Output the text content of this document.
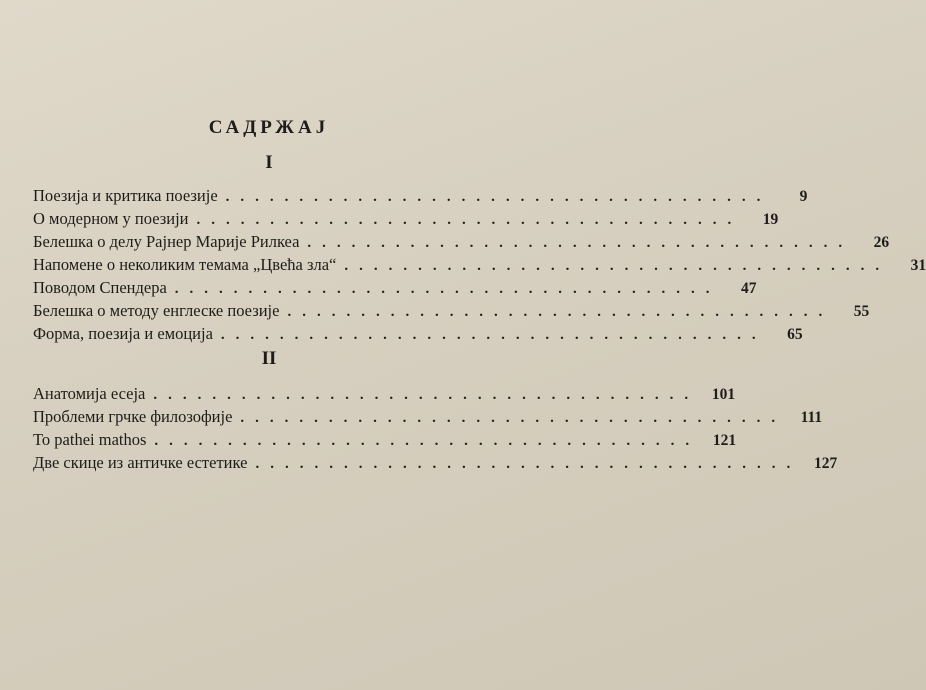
САДРЖАЈ
I
Поезија и критика поезије .....................................	9
О модерном у поезији .....................................	19
Белешка о делу Рајнер Марије Рилкеа .....................................	26
Напомене о неколиким темама „Цвећа зла“ .....................................	31
Поводом Спендера .....................................	47
Белешка о методу енглеске поезије .....................................	55
Форма, поезија и емоција .....................................	65
II
Анатомија есеја ..................................... 101
Проблеми грчке филозофије ..................................... 111
To pathei mathos ..................................... 121
Две скице из античке естетике ..................................... 127
